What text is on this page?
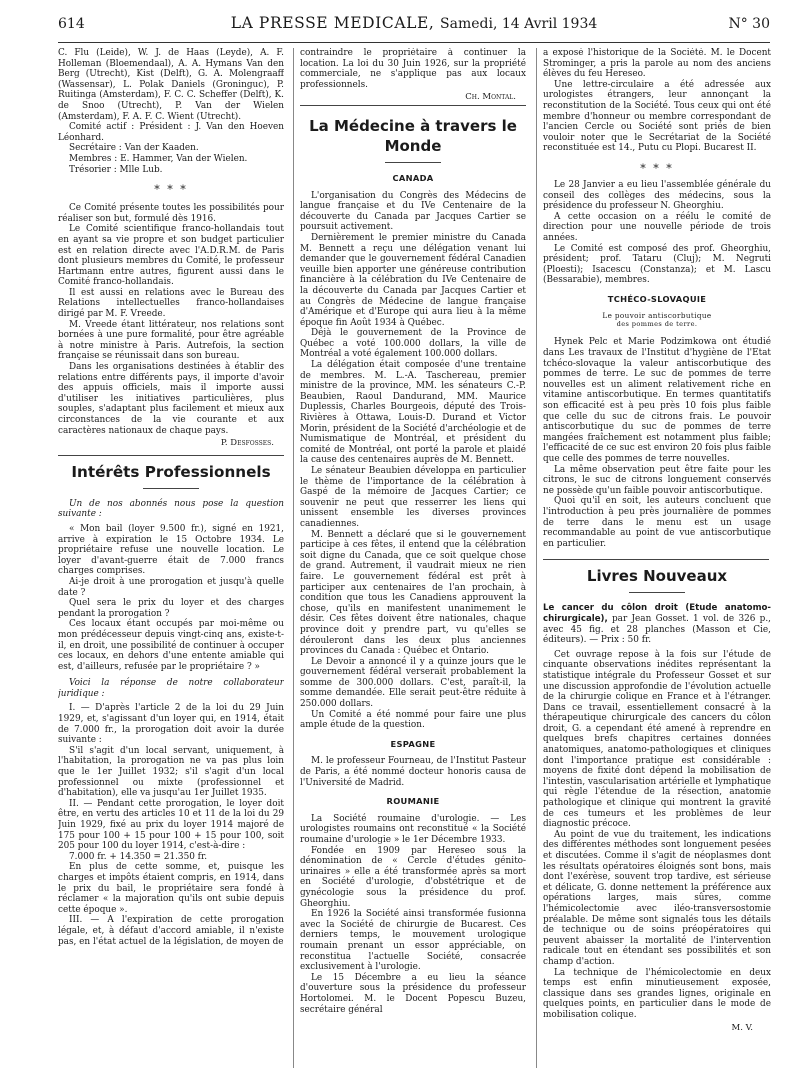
614	LA PRESSE MEDICALE, Samedi, 14 Avril 1934	N° 30

C. Flu (Leide), W. J. de Haas (Leyde), A. F. Holleman (Bloemendaal), A. A. Hymans Van den Berg (Utrecht), Kist (Delft), G. A. Molengraaff (Wassensar), L. Polak Daniels (Groninguc), P. Ruitinga (Amsterdam), F. C. C. Scheffer (Delft), K. de Snoo (Utrecht), P. Van der Wielen (Amsterdam), F. A. F. C. Wient (Utrecht).

Comité actif : Président : J. Van den Hoeven Léonhard.

Secrétaire : Van der Kaaden.

Membres : E. Hammer, Van der Wielen.

Trésorier : Mlle Lub.

* * *

Ce Comité présente toutes les possibilités pour réaliser son but, formulé dès 1916.

Le Comité scientifique franco-hollandais tout en ayant sa vie propre et son budget particulier est en relation directe avec l'A.D.R.M. de Paris dont plusieurs membres du Comité, le professeur Hartmann entre autres, figurent aussi dans le Comité franco-hollandais.

Il est aussi en relations avec le Bureau des Relations intellectuelles franco-hollandaises dirigé par M. F. Vreede.

M. Vreede étant littérateur, nos relations sont bornées à une pure formalité, pour être agréable à notre ministre à Paris. Autrefois, la section française se réunissait dans son bureau.

Dans les organisations destinées à établir des relations entre différents pays, il importe d'avoir des appuis officiels, mais il importe aussi d'utiliser les initiatives particulières, plus souples, s'adaptant plus facilement et mieux aux circonstances de la vie courante et aux caractères nationaux de chaque pays.

P. Desfosses.
Intérêts Professionnels

Un de nos abonnés nous pose la question suivante :

« Mon bail (loyer 9.500 fr.), signé en 1921, arrive à expiration le 15 Octobre 1934. Le propriétaire refuse une nouvelle location. Le loyer d'avant-guerre était de 7.000 francs charges comprises.

Ai-je droit à une prorogation et jusqu'à quelle date ?

Quel sera le prix du loyer et des charges pendant la prorogation ?

Ces locaux étant occupés par moi-même ou mon prédécesseur depuis vingt-cinq ans, existe-t-il, en droit, une possibilité de continuer à occuper ces locaux, en dehors d'une entente amiable qui est, d'ailleurs, refusée par le propriétaire ? »

Voici la réponse de notre collaborateur juridique :

I. — D'après l'article 2 de la loi du 29 Juin 1929, et, s'agissant d'un loyer qui, en 1914, était de 7.000 fr., la prorogation doit avoir la durée suivante :

S'il s'agit d'un local servant, uniquement, à l'habitation, la prorogation ne va pas plus loin que le 1er Juillet 1932; s'il s'agit d'un local professionnel ou mixte (professionnel et d'habitation), elle va jusqu'au 1er Juillet 1935.

II. — Pendant cette prorogation, le loyer doit être, en vertu des articles 10 et 11 de la loi du 29 Juin 1929, fixé au prix du loyer 1914 majoré de 175 pour 100 + 15 pour 100 + 15 pour 100, soit 205 pour 100 du loyer 1914, c'est-à-dire :

7.000 fr. + 14.350 = 21.350 fr.

En plus de cette somme, et, puisque les charges et impôts étaient compris, en 1914, dans le prix du bail, le propriétaire sera fondé à réclamer « la majoration qu'ils ont subie depuis cette époque ».

III. — A l'expiration de cette prorogation légale, et, à défaut d'accord amiable, il n'existe pas, en l'état actuel de la législation, de moyen de

contraindre le propriétaire à continuer la location. La loi du 30 Juin 1926, sur la propriété commerciale, ne s'applique pas aux locaux professionnels.

Ch. Montal.
La Médecine à travers le Monde
CANADA

L'organisation du Congrès des Médecins de langue française et du IVe Centenaire de la découverte du Canada par Jacques Cartier se poursuit activement.

Dernièrement le premier ministre du Canada M. Bennett a reçu une délégation venant lui demander que le gouvernement fédéral Canadien veuille bien apporter une généreuse contribution financière à la célébration du IVe Centenaire de la découverte du Canada par Jacques Cartier et au Congrès de Médecine de langue française d'Amérique et d'Europe qui aura lieu à la même époque fin Août 1934 à Québec.

Déjà le gouvernement de la Province de Québec a voté 100.000 dollars, la ville de Montréal a voté également 100.000 dollars.

La délégation était composée d'une trentaine de membres. M. L.-A. Taschereau, premier ministre de la province, MM. les sénateurs C.-P. Beaubien, Raoul Dandurand, MM. Maurice Duplessis, Charles Bourgeois, député des Trois-Rivières à Ottawa, Louis-D. Durand et Victor Morin, président de la Société d'archéologie et de Numismatique de Montréal, et président du comité de Montréal, ont porté la parole et plaidé la cause des centenaires auprès de M. Bennett.

Le sénateur Beaubien développa en particulier le thème de l'importance de la célébration à Gaspé de la mémoire de Jacques Cartier; ce souvenir ne peut que resserrer les liens qui unissent ensemble les diverses provinces canadiennes.

M. Bennett a déclaré que si le gouvernement participe à ces fêtes, il entend que la célébration soit digne du Canada, que ce soit quelque chose de grand. Autrement, il vaudrait mieux ne rien faire. Le gouvernement fédéral est prêt à participer aux centenaires de l'an prochain, à condition que tous les Canadiens approuvent la chose, qu'ils en manifestent unanimement le désir. Ces fêtes doivent être nationales, chaque province doit y prendre part, vu qu'elles se dérouleront dans les deux plus anciennes provinces du Canada : Québec et Ontario.

Le Devoir a annoncé il y a quinze jours que le gouvernement fédéral verserait probablement la somme de 300.000 dollars. C'est, paraît-il, la somme demandée. Elle serait peut-être réduite à 250.000 dollars.

Un Comité a été nommé pour faire une plus ample étude de la question.

ESPAGNE

M. le professeur Fourneau, de l'Institut Pasteur de Paris, a été nommé docteur honoris causa de l'Université de Madrid.

ROUMANIE

La Société roumaine d'urologie. — Les urologistes roumains ont reconstitué « la Société roumaine d'urologie » le 1er Décembre 1933.

Fondée en 1909 par Hereseo sous la dénomination de « Cercle d'études génito-urinaires » elle a été transformée après sa mort en Société d'urologie, d'obstétrique et de gynécologie sous la présidence du prof. Gheorghiu.

En 1926 la Société ainsi transformée fusionna avec la Société de chirurgie de Bucarest. Ces derniers temps, le mouvement urologique roumain prenant un essor appréciable, on reconstitua l'actuelle Société, consacrée exclusivement à l'urologie.

Le 15 Décembre a eu lieu la séance d'ouverture sous la présidence du professeur Hortolomei. M. le Docent Popescu Buzeu, secrétaire général

a exposé l'historique de la Société. M. le Docent Strominger, a pris la parole au nom des anciens élèves du feu Hereseo.

Une lettre-circulaire a été adressée aux urologistes étrangers, leur annonçant la reconstitution de la Société. Tous ceux qui ont été membre d'honneur ou membre correspondant de l'ancien Cercle ou Société sont priés de bien vouloir noter que le Secrétariat de la Société reconstituée est 14., Putu cu Plopi. Bucarest II.

* * *

Le 28 Janvier a eu lieu l'assemblée générale du conseil des collèges des médecins, sous la présidence du professeur N. Gheorghiu.

A cette occasion on a réélu le comité de direction pour une nouvelle période de trois années.

Le Comité est composé des prof. Gheorghiu, président; prof. Tataru (Cluj); M. Negruti (Ploesti); Isacescu (Constanza); et M. Lascu (Bessarabie), membres.

TCHÉCO-SLOVAQUIE
Le pouvoir antiscorbutique
des pommes de terre.

Hynek Pelc et Marie Podzimkowa ont étudié dans Les travaux de l'Institut d'hygiène de l'Etat tchéco-slovaque la valeur antiscorbutique des pommes de terre. Le suc de pommes de terre nouvelles est un aliment relativement riche en vitamine antiscorbutique. En termes quantitatifs son efficacité est à peu près 10 fois plus faible que celle du suc de citrons frais. Le pouvoir antiscorbutique du suc de pommes de terre mangées fraîchement est notamment plus faible; l'efficacité de ce suc est environ 20 fois plus faible que celle des pommes de terre nouvelles.

La même observation peut être faite pour les citrons, le suc de citrons longuement conservés ne possède qu'un faible pouvoir antiscorbutique.

Quoi qu'il en soit, les auteurs concluent que l'introduction à peu près journalière de pommes de terre dans le menu est un usage recommandable au point de vue antiscorbutique en particulier.

Livres Nouveaux

Le cancer du côlon droit (Etude anatomo-chirurgicale), par Jean Gosset. 1 vol. de 326 p., avec 45 fig. et 28 planches (Masson et Cie, éditeurs). — Prix : 50 fr.

Cet ouvrage repose à la fois sur l'étude de cinquante observations inédites représentant la statistique intégrale du Professeur Gosset et sur une discussion approfondie de l'évolution actuelle de la chirurgie colique en France et à l'étranger. Dans ce travail, essentiellement consacré à la thérapeutique chirurgicale des cancers du côlon droit, G. a cependant été amené à reprendre en quelques brefs chapitres certaines données anatomiques, anatomo-pathologiques et cliniques dont l'importance pratique est considérable : moyens de fixité dont dépend la mobilisation de l'intestin, vascularisation artérielle et lymphatique qui règle l'étendue de la résection, anatomie pathologique et clinique qui montrent la gravité de ces tumeurs et les problèmes de leur diagnostic précoce.

Au point de vue du traitement, les indications des différentes méthodes sont longuement pesées et discutées. Comme il s'agit de néoplasmes dont les résultats opératoires éloignés sont bons, mais dont l'exérèse, souvent trop tardive, est sérieuse et délicate, G. donne nettement la préférence aux opérations larges, mais sûres, comme l'hémicolectomie avec iléo-transversostomie préalable. De même sont signalés tous les détails de technique ou de soins préopératoires qui peuvent abaisser la mortalité de l'intervention radicale tout en étendant ses possibilités et son champ d'action.

La technique de l'hémicolectomie en deux temps est enfin minutieusement exposée, classique dans ses grandes lignes, originale en quelques points, en particulier dans le mode de mobilisation colique.

M. V.
